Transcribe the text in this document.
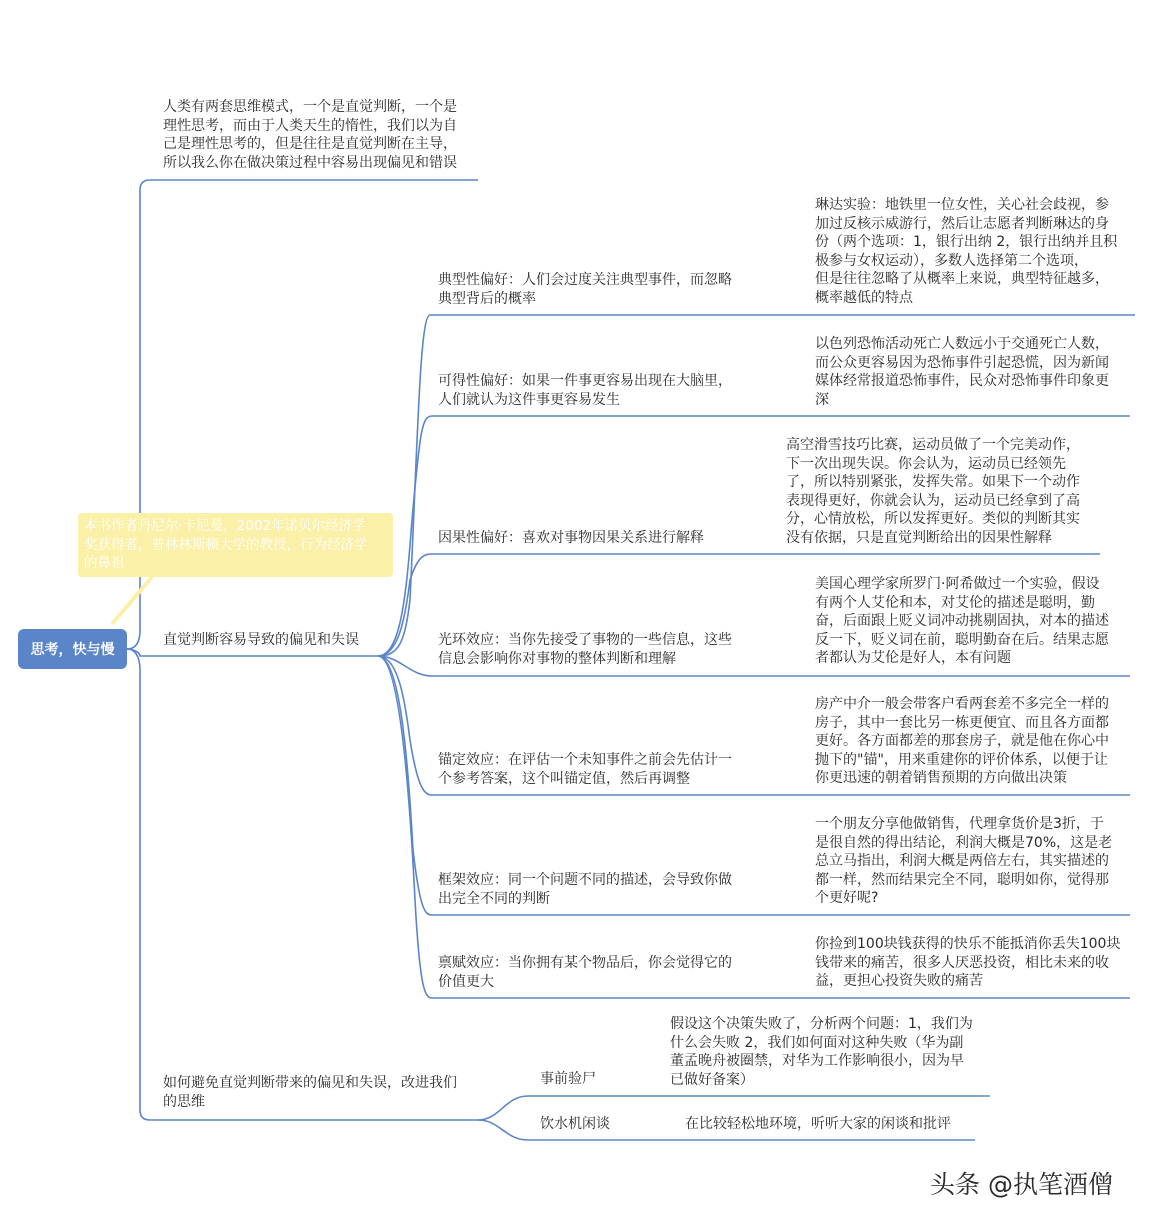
本书作者丹尼尔·卡尼曼，2002年诺贝尔经济学
奖获得者，普林林斯顿大学的教授，行为经济学
的鼻祖
思考，快与慢
人类有两套思维模式，一个是直觉判断，一个是
理性思考，而由于人类天生的惰性，我们以为自
己是理性思考的，但是往往是直觉判断在主导，
所以我么你在做决策过程中容易出现偏见和错误
直觉判断容易导致的偏见和失误
典型性偏好：人们会过度关注典型事件，而忽略
典型背后的概率
琳达实验：地铁里一位女性，关心社会歧视，参
加过反核示威游行，然后让志愿者判断琳达的身
份（两个选项：1，银行出纳 2，银行出纳并且积
极参与女权运动），多数人选择第二个选项，
但是往往忽略了从概率上来说，典型特征越多，
概率越低的特点
可得性偏好：如果一件事更容易出现在大脑里，
人们就认为这件事更容易发生
以色列恐怖活动死亡人数远小于交通死亡人数，
而公众更容易因为恐怖事件引起恐慌，因为新闻
媒体经常报道恐怖事件，民众对恐怖事件印象更
深
因果性偏好：喜欢对事物因果关系进行解释
高空滑雪技巧比赛，运动员做了一个完美动作，
下一次出现失误。你会认为，运动员已经领先
了，所以特别紧张，发挥失常。如果下一个动作
表现得更好，你就会认为，运动员已经拿到了高
分，心情放松，所以发挥更好。类似的判断其实
没有依据，只是直觉判断给出的因果性解释
光环效应：当你先接受了事物的一些信息，这些
信息会影响你对事物的整体判断和理解
美国心理学家所罗门·阿希做过一个实验，假设
有两个人艾伦和本，对艾伦的描述是聪明，勤
奋，后面跟上贬义词冲动挑剔固执，对本的描述
反一下，贬义词在前，聪明勤奋在后。结果志愿
者都认为艾伦是好人，本有问题
锚定效应：在评估一个未知事件之前会先估计一
个参考答案，这个叫锚定值，然后再调整
房产中介一般会带客户看两套差不多完全一样的
房子，其中一套比另一栋更便宜、而且各方面都
更好。各方面都差的那套房子，就是他在你心中
抛下的"锚"，用来重建你的评价体系，以便于让
你更迅速的朝着销售预期的方向做出决策
框架效应：同一个问题不同的描述，会导致你做
出完全不同的判断
一个朋友分享他做销售，代理拿货价是3折，于
是很自然的得出结论，利润大概是70%，这是老
总立马指出，利润大概是两倍左右，其实描述的
都一样，然而结果完全不同，聪明如你，觉得那
个更好呢?
禀赋效应：当你拥有某个物品后，你会觉得它的
价值更大
你捡到100块钱获得的快乐不能抵消你丢失100块
钱带来的痛苦，很多人厌恶投资，相比未来的收
益，更担心投资失败的痛苦
如何避免直觉判断带来的偏见和失误，改进我们
的思维
事前验尸
假设这个决策失败了，分析两个问题：1，我们为
什么会失败 2，我们如何面对这种失败（华为副
董孟晚舟被圈禁，对华为工作影响很小，因为早
已做好备案）
饮水机闲谈	在比较轻松地环境，听听大家的闲谈和批评
头条 @执笔酒僧
